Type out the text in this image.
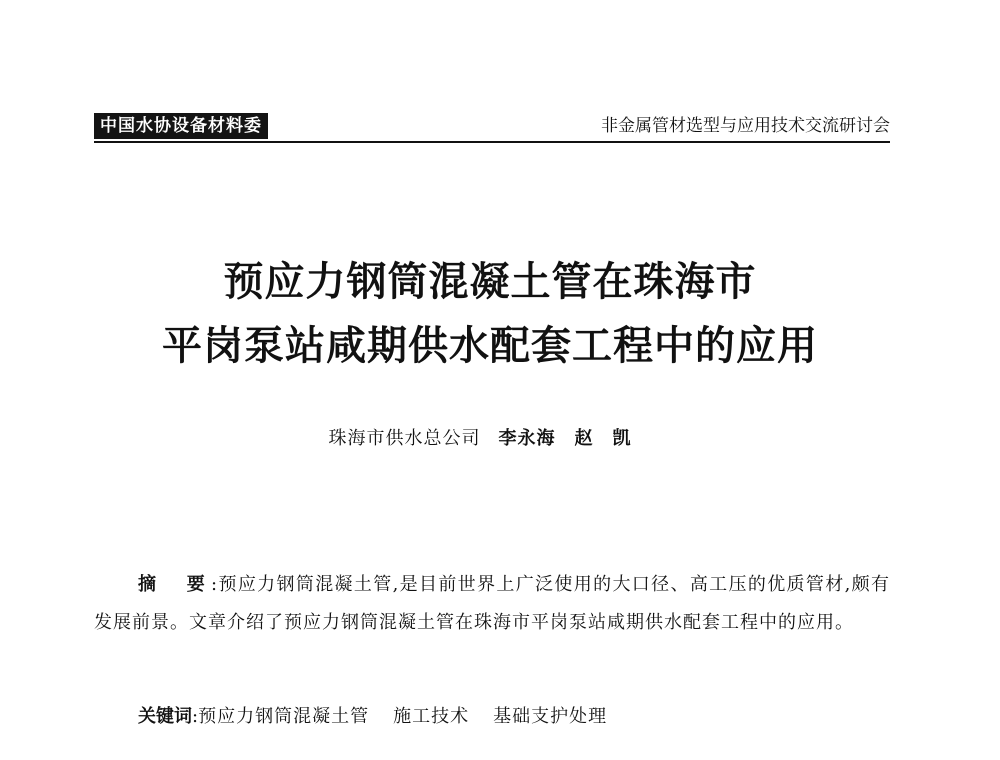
中国水协设备材料委	非金属管材选型与应用技术交流研讨会
预应力钢筒混凝土管在珠海市
平岗泵站咸期供水配套工程中的应用
珠海市供水总公司 李永海　赵　凯
摘　要:预应力钢筒混凝土管,是目前世界上广泛使用的大口径、高工压的优质管材,颇有发展前景。文章介绍了预应力钢筒混凝土管在珠海市平岗泵站咸期供水配套工程中的应用。
关键词:预应力钢筒混凝土管 施工技术 基础支护处理
